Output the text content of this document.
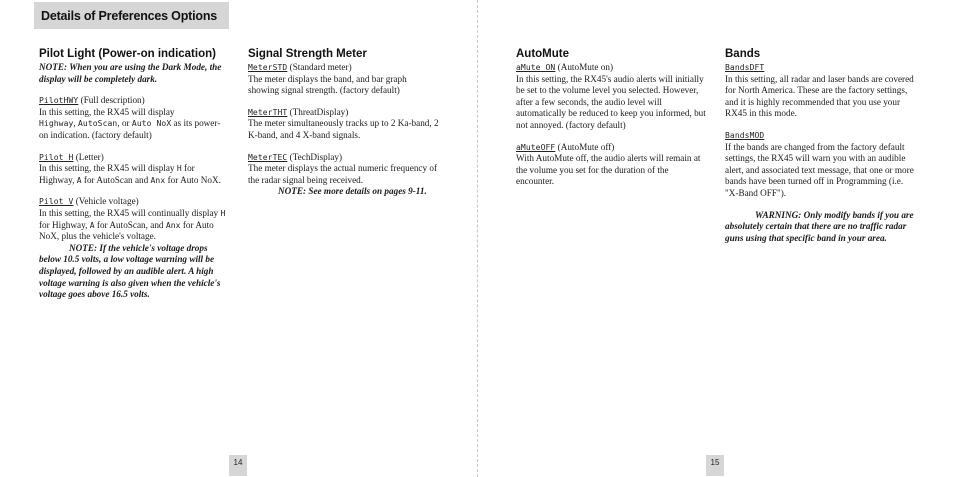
Details of Preferences Options

Pilot Light (Power-on indication)

NOTE: When you are using the Dark Mode, the display will be completely dark.

PilotHWY (Full description)

In this setting, the RX45 will display
Highway, AutoScan, or Auto NoX as its power-on indication. (factory default)

Pilot H (Letter)

In this setting, the RX45 will display H for Highway, A for AutoScan and Anx for Auto NoX.

Pilot V (Vehicle voltage)

In this setting, the RX45 will continually display H for Highway, A for AutoScan, and Anx for Auto NoX, plus the vehicle's voltage.

NOTE: If the vehicle's voltage drops below 10.5 volts, a low voltage warning will be displayed, followed by an audible alert. A high voltage warning is also given when the vehicle's voltage goes above 16.5 volts.

Signal Strength Meter

MeterSTD (Standard meter)

The meter displays the band, and bar graph showing signal strength. (factory default)

MeterTHT (ThreatDisplay)

The meter simultaneously tracks up to 2 Ka-band, 2 K-band, and 4 X-band signals.

MeterTEC (TechDisplay)

The meter displays the actual numeric frequency of the radar signal being received.

NOTE: See more details on pages 9-11.

AutoMute

aMute ON (AutoMute on)

In this setting, the RX45's audio alerts will initially be set to the volume level you selected. However, after a few seconds, the audio level will automatically be reduced to keep you informed, but not annoyed. (factory default)

aMuteOFF (AutoMute off)

With AutoMute off, the audio alerts will remain at the volume you set for the duration of the encounter.

Bands

BandsDFT

In this setting, all radar and laser bands are covered for North America. These are the factory settings, and it is highly recommended that you use your RX45 in this mode.

BandsMOD

If the bands are changed from the factory default settings, the RX45 will warn you with an audible alert, and associated text message, that one or more bands have been turned off in Programming (i.e. "X-Band OFF").

WARNING: Only modify bands if you are absolutely certain that there are no traffic radar guns using that specific band in your area.

14	15
